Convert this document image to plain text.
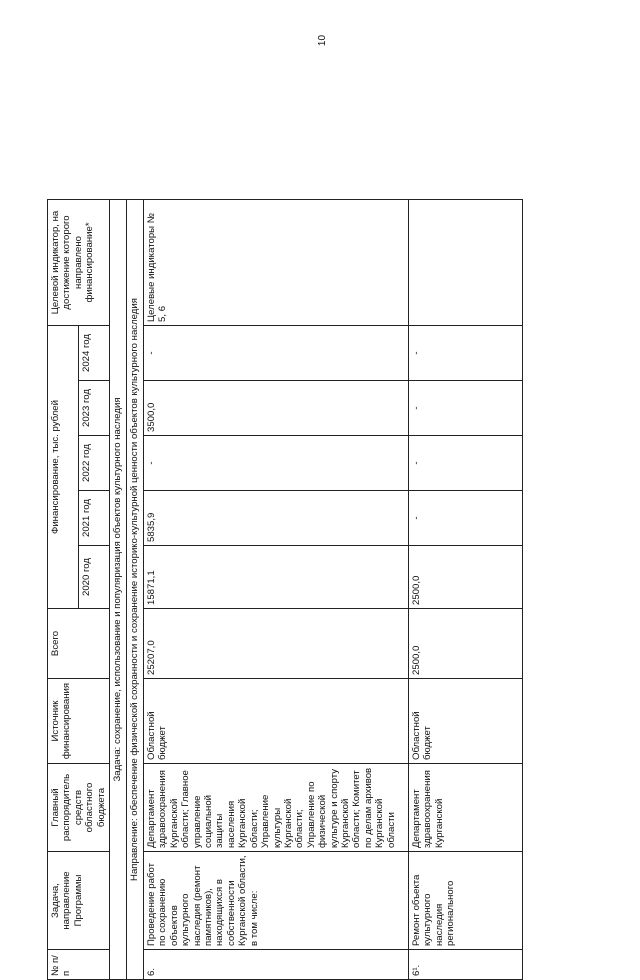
10
№ п/п	Задача, направление Программы	Главный распорядитель средств областного бюджета	Источник финансирования	Всего	Финансирование, тыс. рублей					Целевой индикатор, на достижение которого направлено финансирование*
					2020 год	2021 год	2022 год	2023 год	2024 год	
Задача: сохранение, использование и популяризация объектов культурного наследия										
Направление: обеспечение физической сохранности и сохранение историко-культурной ценности объектов культурного наследия										
6.	Проведение работ по сохранению объектов культурного наследия (ремонт памятников), находящихся в собственности Курганской области, в том числе:	Департамент здравоохранения Курганской области; Главное управление социальной защиты населения Курганской области; Управление культуры Курганской области; Управление по физической культуре и спорту Курганской области; Комитет по делам архивов Курганской области	Областной бюджет	25207,0	15871,1	5835,9	-	3500,0	-	Целевые индикаторы № 5, 6
6¹.	Ремонт объекта культурного наследия регионального	Департамент здравоохранения Курганской	Областной бюджет	2500,0	2500,0	-	-	-	-	
